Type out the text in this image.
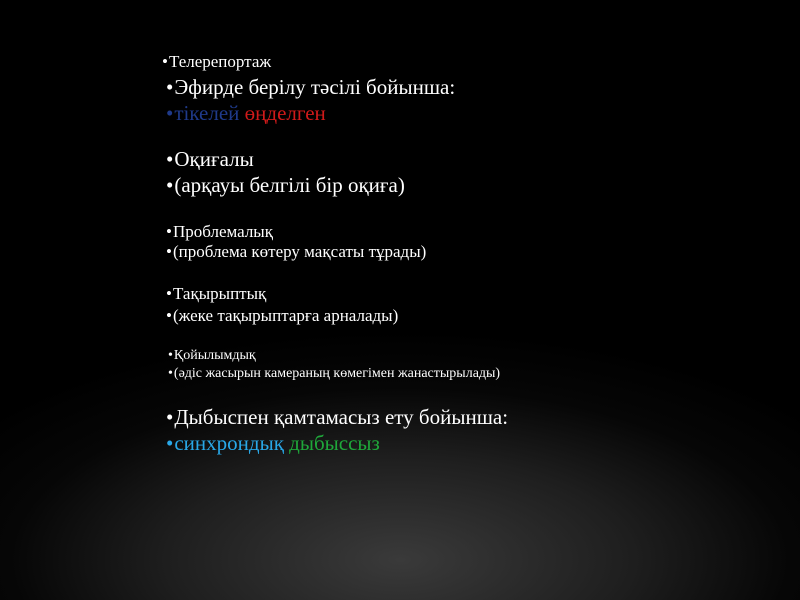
•Телерепортаж
•Эфирде берілу тәсілі бойынша:
•тікелей өңделген
•Оқиғалы
•(арқауы белгілі бір оқиға)
•Проблемалық
•(проблема көтеру мақсаты тұрады)
•Тақырыптық
•(жеке тақырыптарға арналады)
•Қойылымдық
•(әдіс жасырын камераның көмегімен жанастырылады)
•Дыбыспен қамтамасыз ету бойынша:
•синхрондық дыбыссыз
